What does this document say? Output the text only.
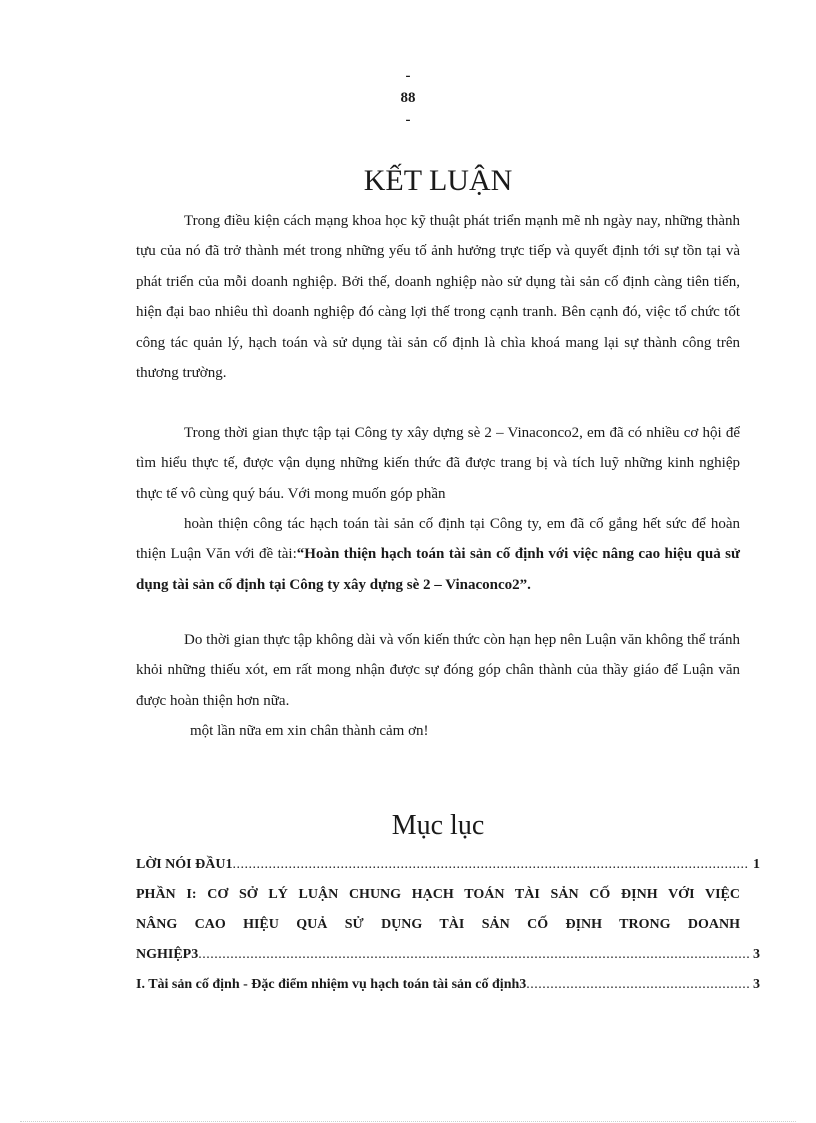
-
88
-
KẾT LUẬN

Trong điều kiện cách mạng khoa học kỹ thuật phát triển mạnh mẽ nh ngày nay, những thành tựu của nó đã trở thành mét trong những yếu tố ảnh hưởng trực tiếp và quyết định tới sự tồn tại và phát triển của mỗi doanh nghiệp. Bởi thế, doanh nghiệp nào sử dụng tài sản cố định càng tiên tiến, hiện đại bao nhiêu thì doanh nghiệp đó càng lợi thế trong cạnh tranh. Bên cạnh đó, việc tổ chức tốt công tác quản lý, hạch toán và sử dụng tài sản cố định là chìa khoá mang lại sự thành công trên thương trường.

Trong thời gian thực tập tại Công ty xây dựng sè 2 – Vinaconco2, em đã có nhiều cơ hội để tìm hiểu thực tế, được vận dụng những kiến thức đã được trang bị và tích luỹ những kinh nghiệp thực tế vô cùng quý báu. Với mong muốn góp phần

hoàn thiện công tác hạch toán tài sản cố định tại Công ty, em đã cố gắng hết sức để hoàn thiện Luận Văn với đề tài:“Hoàn thiện hạch toán tài sản cố định với việc nâng cao hiệu quả sử dụng tài sản cố định tại Công ty xây dựng sè 2 – Vinaconco2”.

Do thời gian thực tập không dài và vốn kiến thức còn hạn hẹp nên Luận văn không thể tránh khỏi những thiếu xót, em rất mong nhận được sự đóng góp chân thành của thầy giáo để Luận văn được hoàn thiện hơn nữa.

một lần nữa em xin chân thành cảm ơn!

Mục lục
LỜI NÓI ĐẦU1 .....	1
PHẦN I: CƠ SỞ LÝ LUẬN CHUNG HẠCH TOÁN TÀI SẢN CỐ ĐỊNH VỚI VIỆC
NÂNG CAO HIỆU QUẢ SỬ DỤNG TÀI SẢN CỐ ĐỊNH TRONG DOANH
NGHIỆP3 .....	3
I. Tài sản cố định - Đặc điểm nhiệm vụ hạch toán tài sản cố định3 .....	3
